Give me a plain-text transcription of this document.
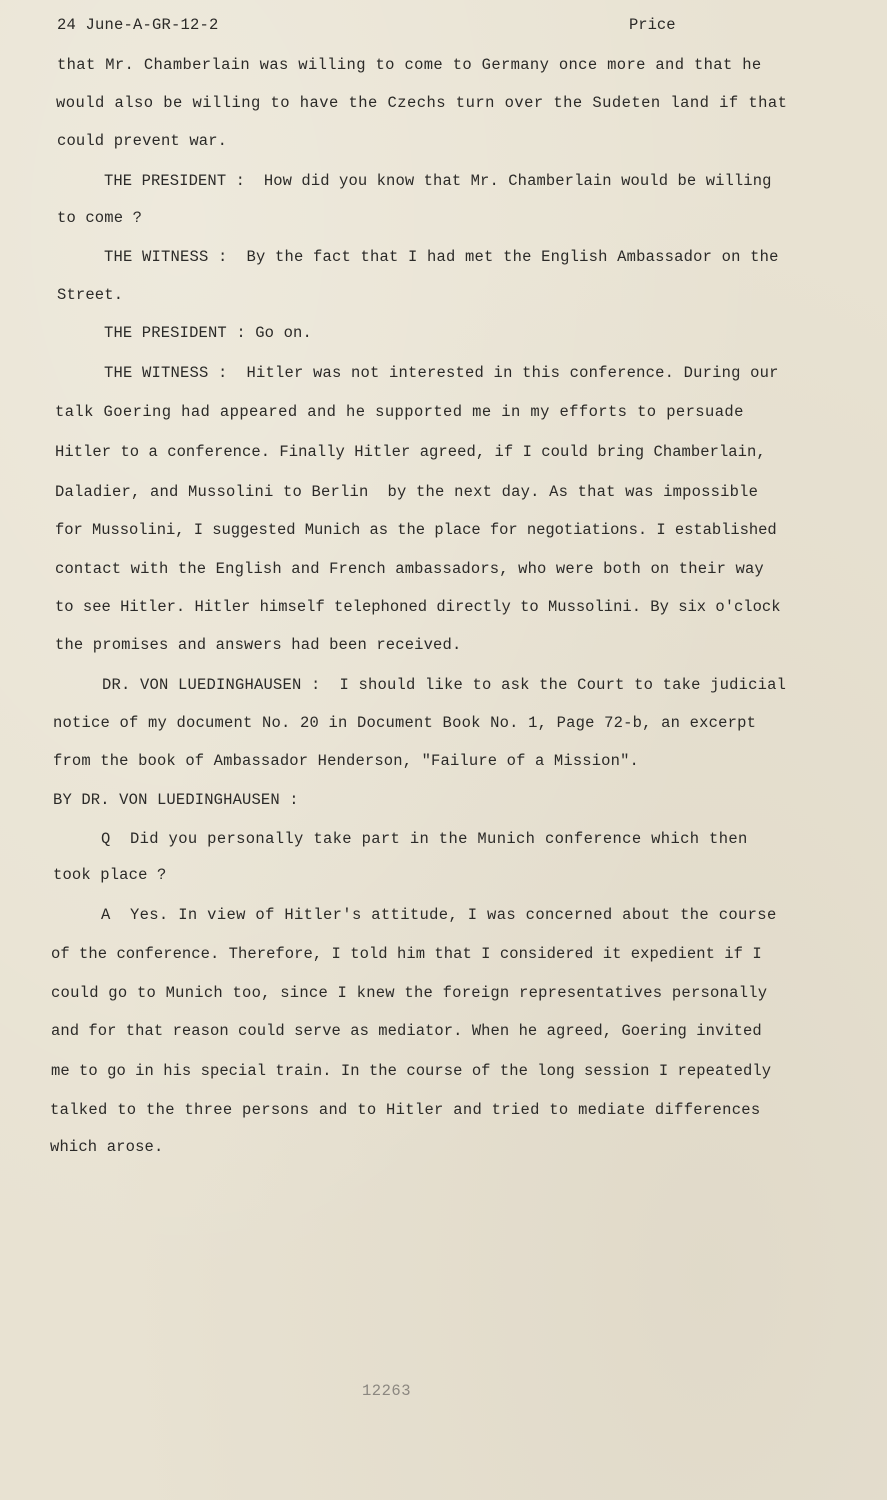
24 June-A-GR-12-2	Price
that Mr. Chamberlain was willing to come to Germany once more and that he
would also be willing to have the Czechs turn over the Sudeten land if that
could prevent war.
THE PRESIDENT :  How did you know that Mr. Chamberlain would be willing
to come ?
THE WITNESS :  By the fact that I had met the English Ambassador on the
Street.
THE PRESIDENT : Go on.
THE WITNESS :  Hitler was not interested in this conference. During our
talk Goering had appeared and he supported me in my efforts to persuade
Hitler to a conference. Finally Hitler agreed, if I could bring Chamberlain,
Daladier, and Mussolini to Berlin  by the next day. As that was impossible
for Mussolini, I suggested Munich as the place for negotiations. I established
contact with the English and French ambassadors, who were both on their way
to see Hitler. Hitler himself telephoned directly to Mussolini. By six o'clock
the promises and answers had been received.
DR. VON LUEDINGHAUSEN :  I should like to ask the Court to take judicial
notice of my document No. 20 in Document Book No. 1, Page 72-b, an excerpt
from the book of Ambassador Henderson, "Failure of a Mission".
BY DR. VON LUEDINGHAUSEN :
Q  Did you personally take part in the Munich conference which then
took place ?
A  Yes. In view of Hitler's attitude, I was concerned about the course
of the conference. Therefore, I told him that I considered it expedient if I
could go to Munich too, since I knew the foreign representatives personally
and for that reason could serve as mediator. When he agreed, Goering invited
me to go in his special train. In the course of the long session I repeatedly
talked to the three persons and to Hitler and tried to mediate differences
which arose.
12263
